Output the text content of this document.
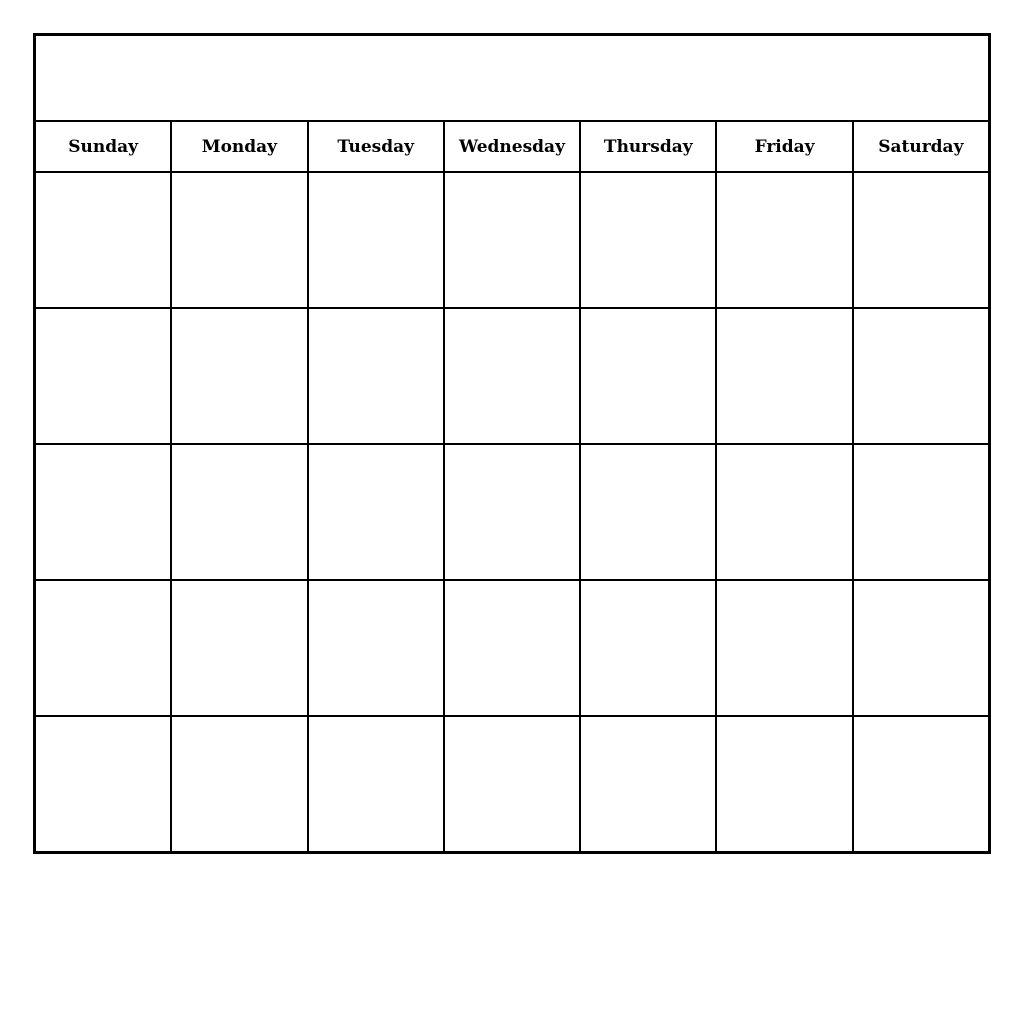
Sunday	Monday	Tuesday	Wednesday	Thursday	Friday	Saturday
